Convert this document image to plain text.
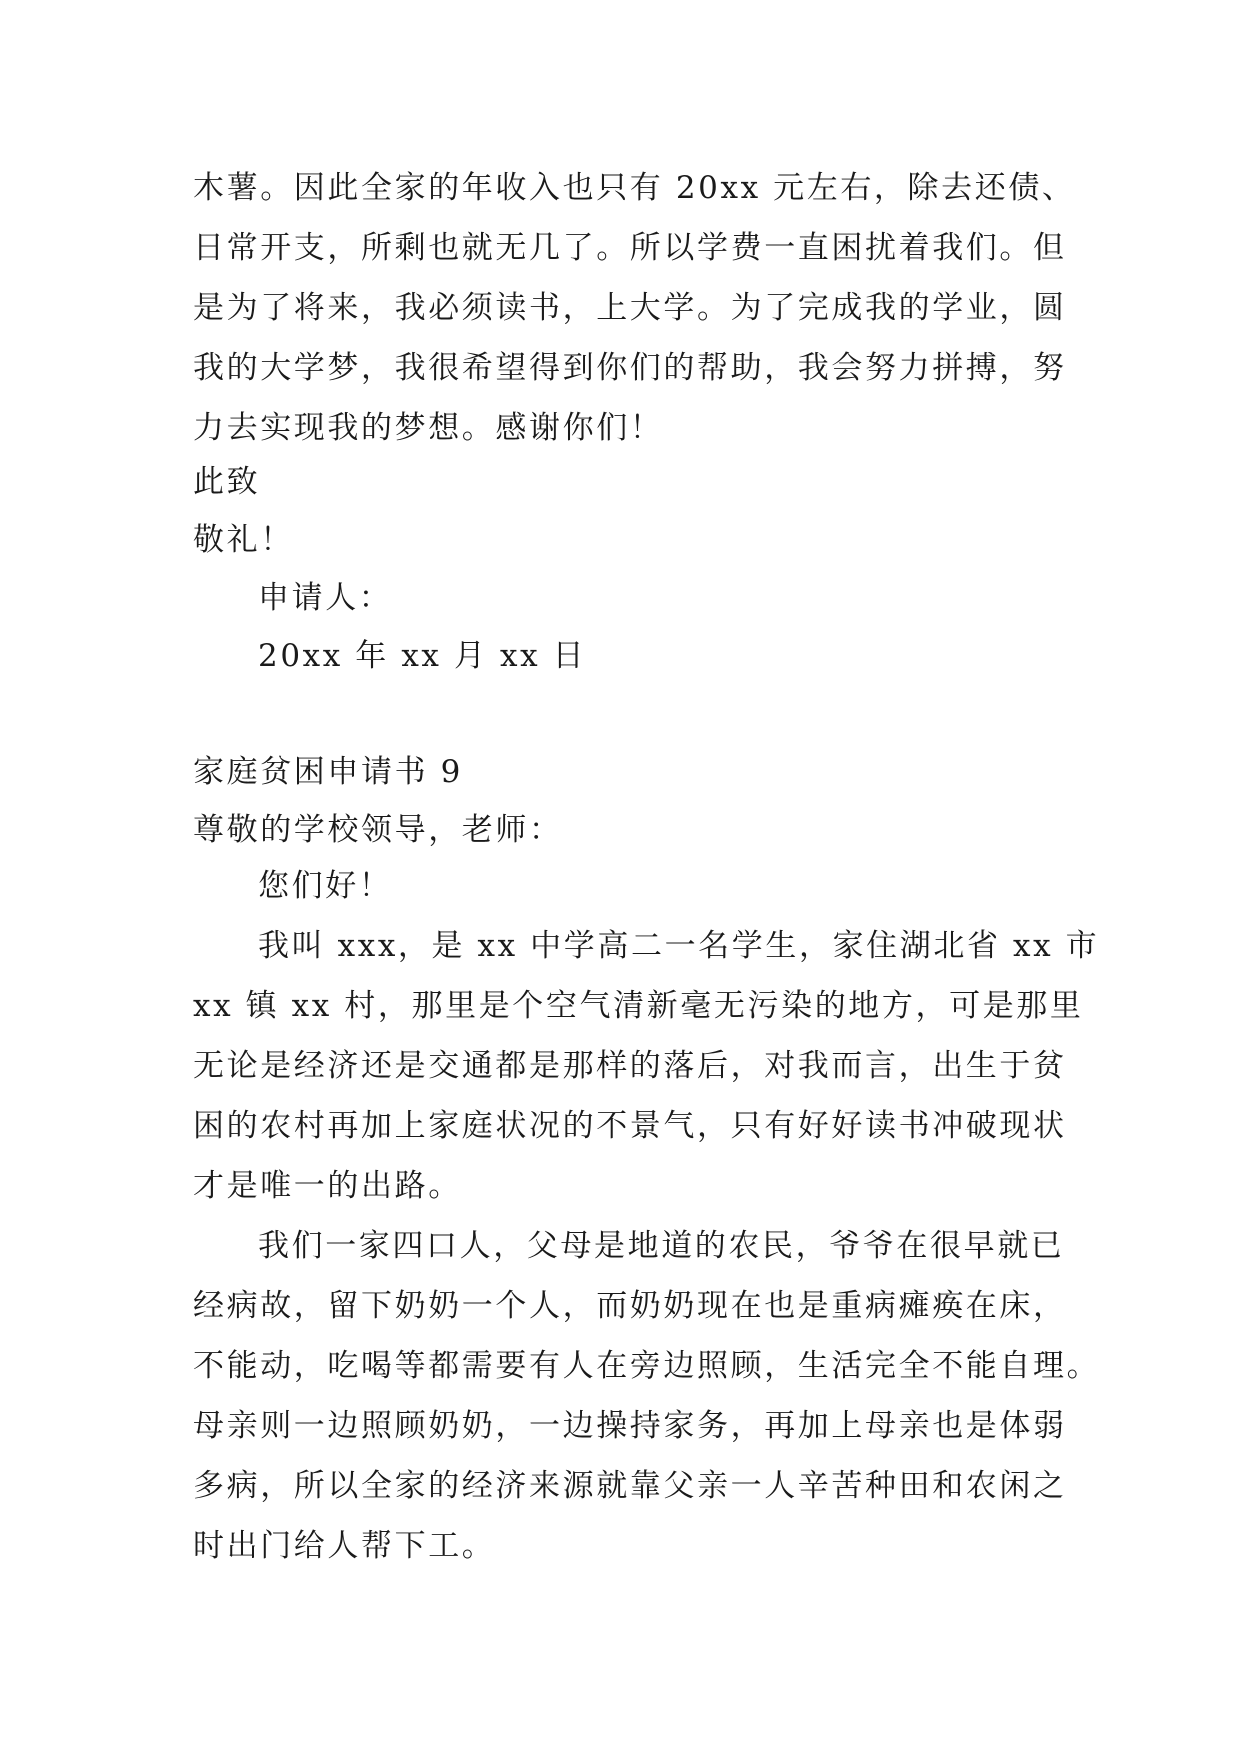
木薯。因此全家的年收入也只有 20xx 元左右，除去还债、
日常开支，所剩也就无几了。所以学费一直困扰着我们。但
是为了将来，我必须读书，上大学。为了完成我的学业，圆
我的大学梦，我很希望得到你们的帮助，我会努力拼搏，努
力去实现我的梦想。感谢你们！
此致
敬礼！
申请人：
20xx 年 xx 月 xx 日
家庭贫困申请书 9
尊敬的学校领导，老师：
您们好！
我叫 xxx，是 xx 中学高二一名学生，家住湖北省 xx 市
xx 镇 xx 村，那里是个空气清新毫无污染的地方，可是那里
无论是经济还是交通都是那样的落后，对我而言，出生于贫
困的农村再加上家庭状况的不景气，只有好好读书冲破现状
才是唯一的出路。
我们一家四口人，父母是地道的农民，爷爷在很早就已
经病故，留下奶奶一个人，而奶奶现在也是重病瘫痪在床，
不能动，吃喝等都需要有人在旁边照顾，生活完全不能自理。
母亲则一边照顾奶奶，一边操持家务，再加上母亲也是体弱
多病，所以全家的经济来源就靠父亲一人辛苦种田和农闲之
时出门给人帮下工。
